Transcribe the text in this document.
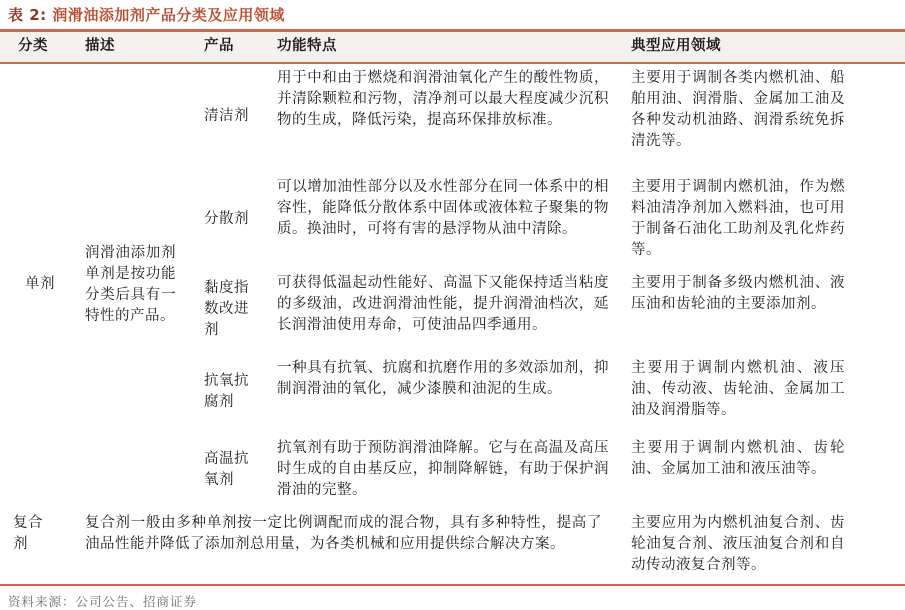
表 2: 润滑油添加剂产品分类及应用领域
分类	描述	产品	功能特点	典型应用领域
单剂	润滑油添加剂单剂是按功能分类后具有一特性的产品。	清洁剂	用于中和由于燃烧和润滑油氧化产生的酸性物质，并清除颗粒和污物，清净剂可以最大程度减少沉积物的生成，降低污染，提高环保排放标准。	主要用于调制各类内燃机油、船舶用油、润滑脂、金属加工油及各种发动机油路、润滑系统免拆清洗等。
		分散剂	可以增加油性部分以及水性部分在同一体系中的相容性，能降低分散体系中固体或液体粒子聚集的物质。换油时，可将有害的悬浮物从油中清除。	主要用于调制内燃机油，作为燃料油清净剂加入燃料油，也可用于制备石油化工助剂及乳化炸药等。
		黏度指数改进剂	可获得低温起动性能好、高温下又能保持适当粘度的多级油，改进润滑油性能，提升润滑油档次，延长润滑油使用寿命，可使油品四季通用。	主要用于制备多级内燃机油、液压油和齿轮油的主要添加剂。
		抗氧抗腐剂	一种具有抗氧、抗腐和抗磨作用的多效添加剂，抑制润滑油的氧化，减少漆膜和油泥的生成。	主要用于调制内燃机油、液压油、传动液、齿轮油、金属加工油及润滑脂等。
		高温抗氧剂	抗氧剂有助于预防润滑油降解。它与在高温及高压时生成的自由基反应，抑制降解链，有助于保护润滑油的完整。	主要用于调制内燃机油、齿轮油、金属加工油和液压油等。
复合剂	复合剂一般由多种单剂按一定比例调配而成的混合物，具有多种特性，提高了油品性能并降低了添加剂总用量，为各类机械和应用提供综合解决方案。			主要应用为内燃机油复合剂、齿轮油复合剂、液压油复合剂和自动传动液复合剂等。
资料来源：公司公告、招商证券
